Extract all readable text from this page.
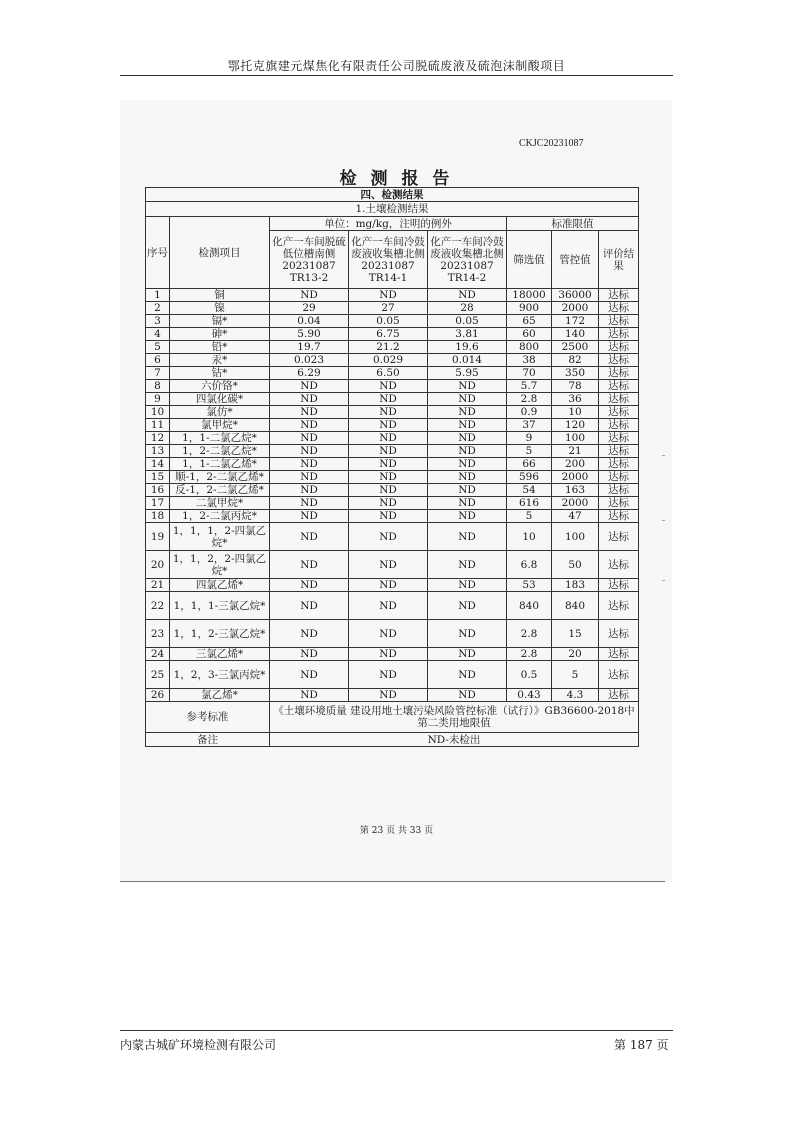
鄂托克旗建元煤焦化有限责任公司脱硫废液及硫泡沫制酸项目
CKJC20231087
检 测 报 告
四、检测结果							
1.土壤检测结果							
序号	检测项目	单位：mg/kg，注明的例外			标准限值		
		化产一车间脱硫低位槽南侧 20231087 TR13-2	化产一车间冷鼓废液收集槽北侧 20231087 TR14-1	化产一车间冷鼓废液收集槽北侧 20231087 TR14-2	筛选值	管控值	评价结果
1	铜	ND	ND	ND	18000	36000	达标
2	镍	29	27	28	900	2000	达标
3	镉*	0.04	0.05	0.05	65	172	达标
4	砷*	5.90	6.75	3.81	60	140	达标
5	铅*	19.7	21.2	19.6	800	2500	达标
6	汞*	0.023	0.029	0.014	38	82	达标
7	钴*	6.29	6.50	5.95	70	350	达标
8	六价铬*	ND	ND	ND	5.7	78	达标
9	四氯化碳*	ND	ND	ND	2.8	36	达标
10	氯仿*	ND	ND	ND	0.9	10	达标
11	氯甲烷*	ND	ND	ND	37	120	达标
12	1，1-二氯乙烷*	ND	ND	ND	9	100	达标
13	1，2-二氯乙烷*	ND	ND	ND	5	21	达标
14	1，1-二氯乙烯*	ND	ND	ND	66	200	达标
15	顺-1，2-二氯乙烯*	ND	ND	ND	596	2000	达标
16	反-1，2-二氯乙烯*	ND	ND	ND	54	163	达标
17	二氯甲烷*	ND	ND	ND	616	2000	达标
18	1，2-二氯丙烷*	ND	ND	ND	5	47	达标
19	1，1，1，2-四氯乙烷*	ND	ND	ND	10	100	达标
20	1，1，2，2-四氯乙烷*	ND	ND	ND	6.8	50	达标
21	四氯乙烯*	ND	ND	ND	53	183	达标
22	1，1，1-三氯乙烷*	ND	ND	ND	840	840	达标
23	1，1，2-三氯乙烷*	ND	ND	ND	2.8	15	达标
24	三氯乙烯*	ND	ND	ND	2.8	20	达标
25	1，2，3-三氯丙烷*	ND	ND	ND	0.5	5	达标
26	氯乙烯*	ND	ND	ND	0.43	4.3	达标
参考标准		《土壤环境质量 建设用地土壤污染风险管控标准（试行）》GB36600-2018中第二类用地限值					
备注		ND-未检出					
第 23 页 共 33 页
内蒙古城矿环境检测有限公司	第 187 页
